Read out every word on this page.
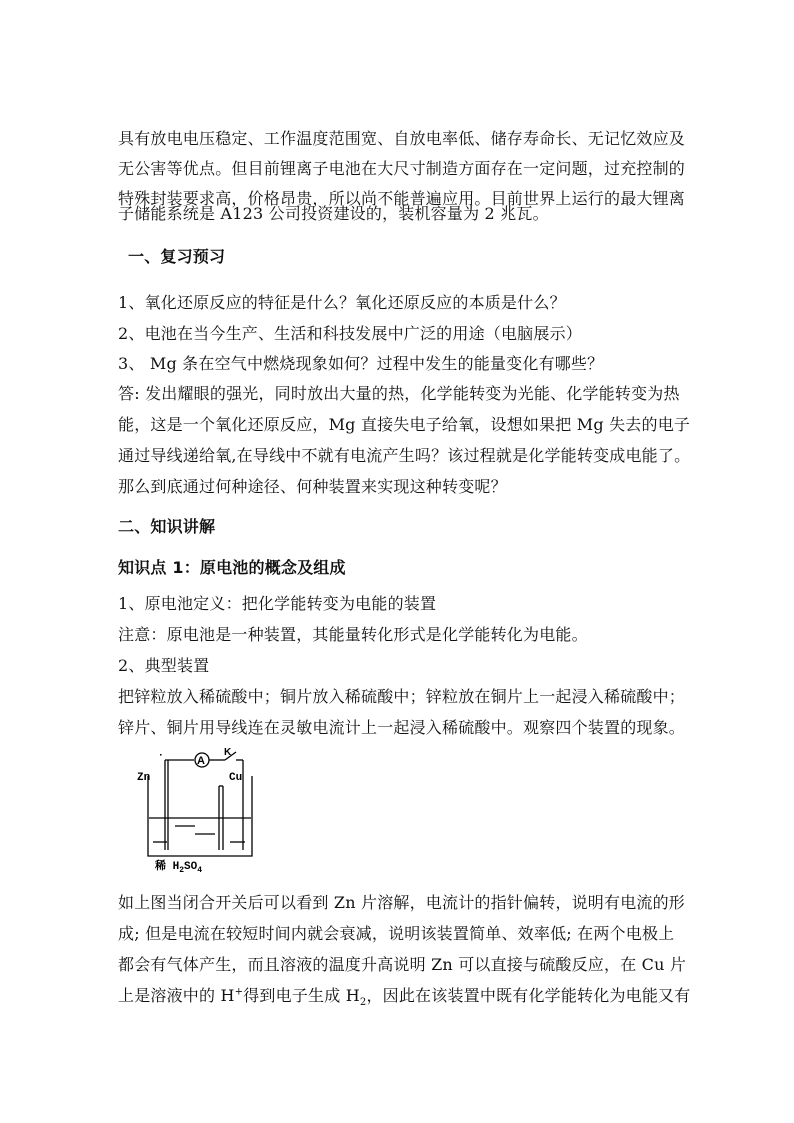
具有放电电压稳定、工作温度范围宽、自放电率低、储存寿命长、无记忆效应及
无公害等优点。但目前锂离子电池在大尺寸制造方面存在一定问题，过充控制的
特殊封装要求高，价格昂贵，所以尚不能普遍应用。目前世界上运行的最大锂离
子储能系统是 A123 公司投资建设的，装机容量为 2 兆瓦。
一、复习预习
1、氧化还原反应的特征是什么？氧化还原反应的本质是什么？
2、电池在当今生产、生活和科技发展中广泛的用途（电脑展示）
3、 Mg 条在空气中燃烧现象如何？过程中发生的能量变化有哪些？
答: 发出耀眼的强光，同时放出大量的热，化学能转变为光能、化学能转变为热
能，这是一个氧化还原反应，Mg 直接失电子给氧，设想如果把 Mg 失去的电子
通过导线递给氧,在导线中不就有电流产生吗？该过程就是化学能转变成电能了。
那么到底通过何种途径、何种装置来实现这种转变呢？
二、知识讲解
知识点 1：原电池的概念及组成
1、原电池定义：把化学能转变为电能的装置
注意：原电池是一种装置，其能量转化形式是化学能转化为电能。
2、典型装置
把锌粒放入稀硫酸中；铜片放入稀硫酸中；锌粒放在铜片上一起浸入稀硫酸中；
锌片、铜片用导线连在灵敏电流计上一起浸入稀硫酸中。观察四个装置的现象。
A
K
Zn	Cu
稀 $H_2SO_4$
如上图当闭合开关后可以看到 Zn 片溶解，电流计的指针偏转，说明有电流的形
成; 但是电流在较短时间内就会衰减，说明该装置简单、效率低; 在两个电极上
都会有气体产生，而且溶液的温度升高说明 Zn 可以直接与硫酸反应，在 Cu 片
上是溶液中的 H+得到电子生成 $H_2$，因此在该装置中既有化学能转化为电能又有
